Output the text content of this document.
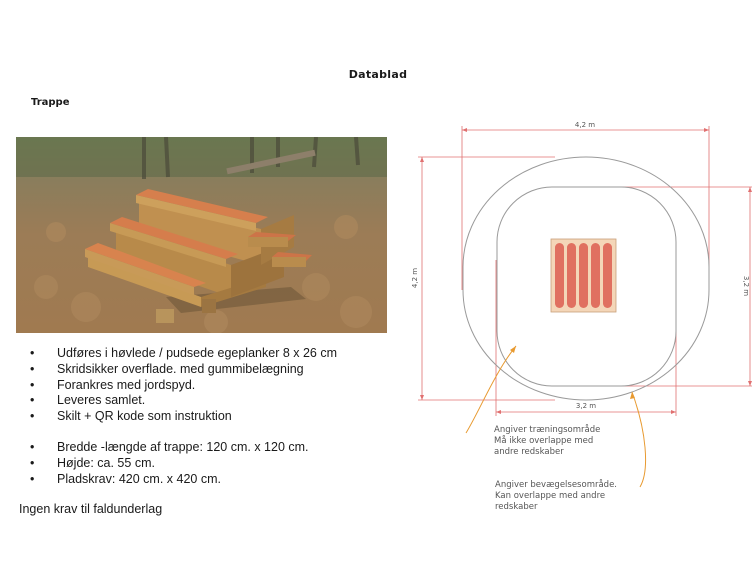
Datablad
Trappe
• Udføres i høvlede / pudsede egeplanker 8 x 26 cm
• Skridsikker overflade. med gummibelægning
• Forankres med jordspyd.
• Leveres samlet.
• Skilt + QR kode som instruktion
• Bredde -længde af trappe: 120 cm. x 120 cm.
• Højde: ca. 55 cm.
• Pladskrav: 420 cm. x 420 cm.
Ingen krav til faldunderlag
4,2 m
4,2 m	3,2 m
3,2 m
Angiver træningsområde Må ikke overlappe med andre redskaber
Angiver bevægelsesområde. Kan overlappe med andre redskaber
